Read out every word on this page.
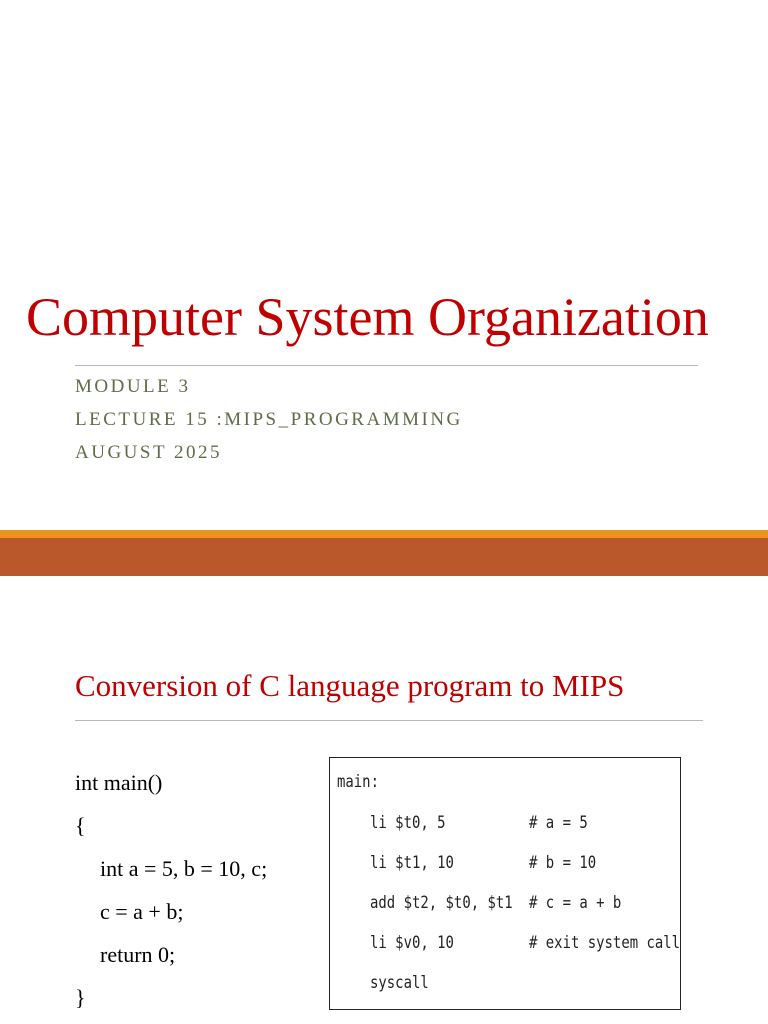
Computer System Organization
MODULE 3
LECTURE 15 :MIPS_PROGRAMMING
AUGUST 2025
Conversion of C language program to MIPS
int main()
{
int a = 5, b = 10, c;
c = a + b;
return 0;
}
main:
li $t0, 5	# a = 5
li $t1, 10	# b = 10
add $t2, $t0, $t1 # c = a + b
li $v0, 10	# exit system call
syscall
